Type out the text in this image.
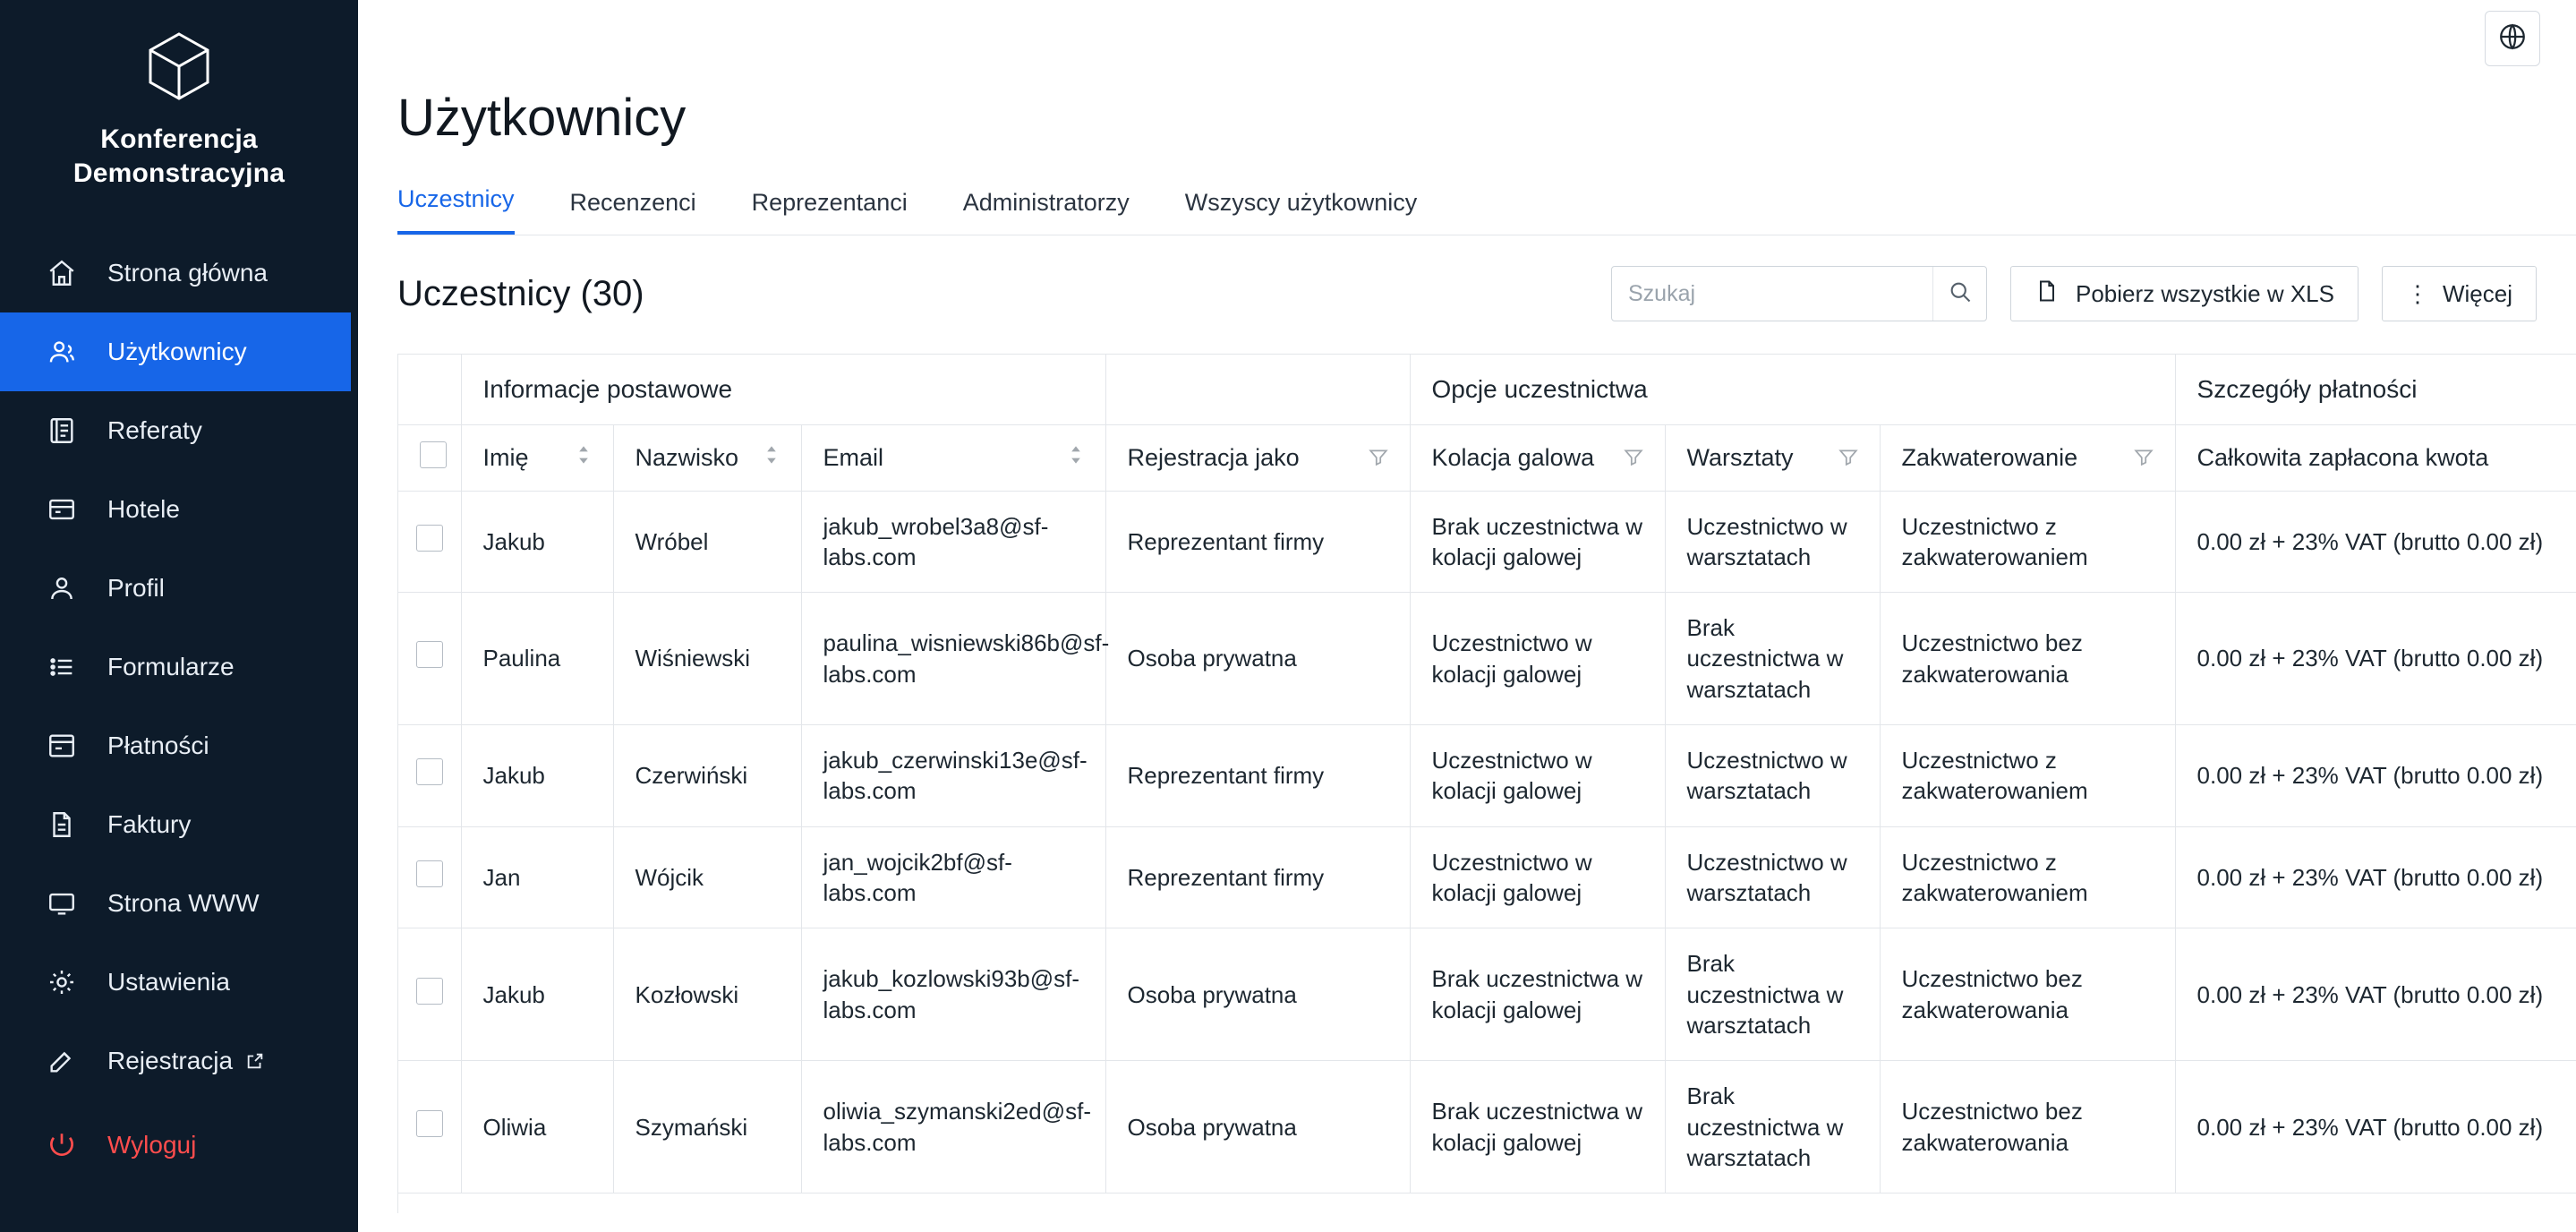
Konferencja
Demonstracyjna
Strona główna
Użytkownicy
Referaty
Hotele
Profil
Formularze
Płatności
Faktury
Strona WWW
Ustawienia
Rejestracja
Wyloguj
Użytkownicy
Uczestnicy Recenzenci Reprezentanci Administratorzy Wszyscy użytkownicy
Uczestnicy (30)
Szukaj	Pobierz wszystkie w XLS	⋮ Więcej
	Informacje postawowe				Opcje uczestnictwa			Szczegóły płatności

	Imię	Nazwisko	Email	Rejestracja jako	Kolacja galowa	Warsztaty	Zakwaterowanie	Całkowita zapłacona kwota

	Jakub	Wróbel	jakub_wrobel3a8@sf-labs.com	Reprezentant firmy	Brak uczestnictwa w kolacji galowej	Uczestnictwo w warsztatach	Uczestnictwo z zakwaterowaniem	0.00 zł + 23% VAT (brutto 0.00 zł)
	Paulina	Wiśniewski	paulina_wisniewski86b@sf-labs.com	Osoba prywatna	Uczestnictwo w kolacji galowej	Brak uczestnictwa w warsztatach	Uczestnictwo bez zakwaterowania	0.00 zł + 23% VAT (brutto 0.00 zł)
	Jakub	Czerwiński	jakub_czerwinski13e@sf-labs.com	Reprezentant firmy	Uczestnictwo w kolacji galowej	Uczestnictwo w warsztatach	Uczestnictwo z zakwaterowaniem	0.00 zł + 23% VAT (brutto 0.00 zł)
	Jan	Wójcik	jan_wojcik2bf@sf-labs.com	Reprezentant firmy	Uczestnictwo w kolacji galowej	Uczestnictwo w warsztatach	Uczestnictwo z zakwaterowaniem	0.00 zł + 23% VAT (brutto 0.00 zł)
	Jakub	Kozłowski	jakub_kozlowski93b@sf-labs.com	Osoba prywatna	Brak uczestnictwa w kolacji galowej	Brak uczestnictwa w warsztatach	Uczestnictwo bez zakwaterowania	0.00 zł + 23% VAT (brutto 0.00 zł)
	Oliwia	Szymański	oliwia_szymanski2ed@sf-labs.com	Osoba prywatna	Brak uczestnictwa w kolacji galowej	Brak uczestnictwa w warsztatach	Uczestnictwo bez zakwaterowania	0.00 zł + 23% VAT (brutto 0.00 zł)
